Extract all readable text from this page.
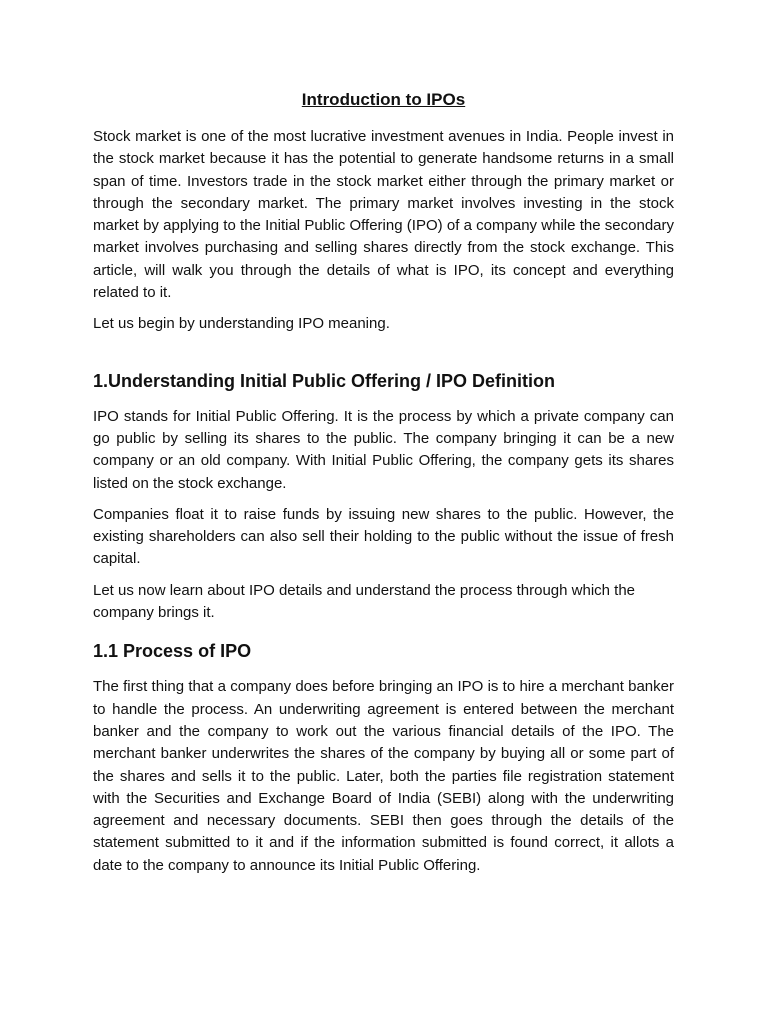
Introduction to IPOs

Stock market is one of the most lucrative investment avenues in India. People invest in the stock market because it has the potential to generate handsome returns in a small span of time. Investors trade in the stock market either through the primary market or through the secondary market. The primary market involves investing in the stock market by applying to the Initial Public Offering (IPO) of a company while the secondary market involves purchasing and selling shares directly from the stock exchange. This article, will walk you through the details of what is IPO, its concept and everything related to it.

Let us begin by understanding IPO meaning.

1.Understanding Initial Public Offering / IPO Definition

IPO stands for Initial Public Offering. It is the process by which a private company can go public by selling its shares to the public. The company bringing it can be a new company or an old company. With Initial Public Offering, the company gets its shares listed on the stock exchange.

Companies float it to raise funds by issuing new shares to the public. However, the existing shareholders can also sell their holding to the public without the issue of fresh capital.

Let us now learn about IPO details and understand the process through which the company brings it.

1.1 Process of IPO

The first thing that a company does before bringing an IPO is to hire a merchant banker to handle the process. An underwriting agreement is entered between the merchant banker and the company to work out the various financial details of the IPO. The merchant banker underwrites the shares of the company by buying all or some part of the shares and sells it to the public. Later, both the parties file registration statement with the Securities and Exchange Board of India (SEBI) along with the underwriting agreement and necessary documents. SEBI then goes through the details of the statement submitted to it and if the information submitted is found correct, it allots a date to the company to announce its Initial Public Offering.
